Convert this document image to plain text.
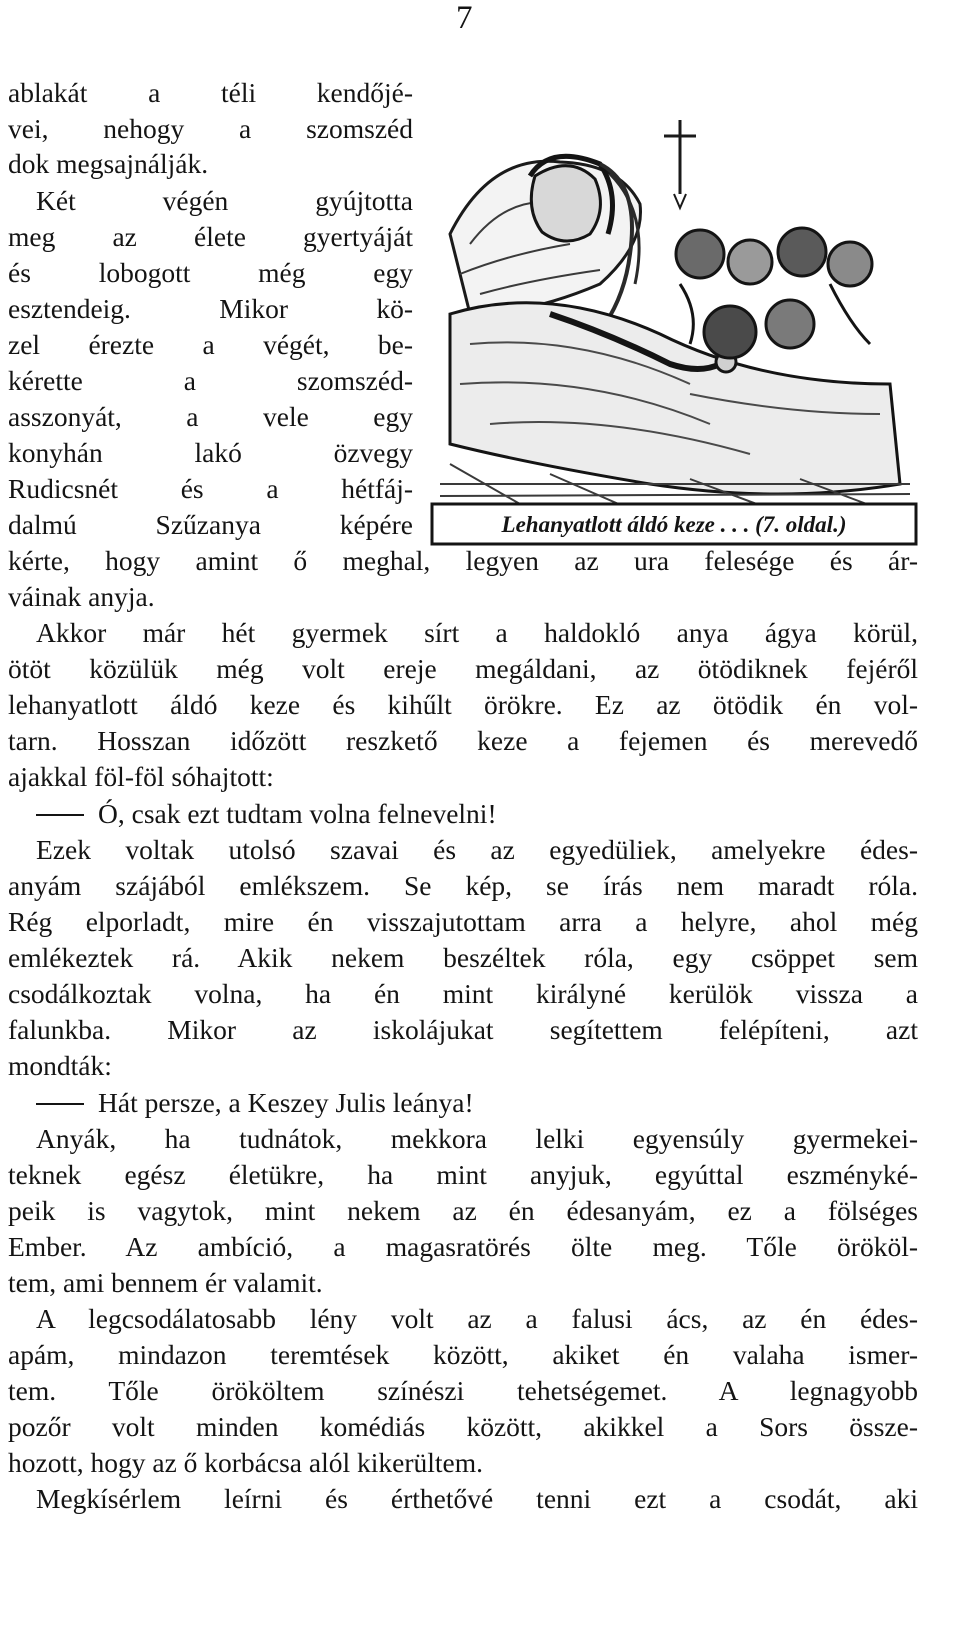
7
Lehanyatlott áldó keze . . . (7. oldal.)
ablakát a téli kendőjé-
vei, nehogy a szomszéd
dok megsajnálják.
Két végén gyújtotta
meg az élete gyertyáját
és lobogott még egy
esztendeig. Mikor kö-
zel érezte a végét, be-
kérette a szomszéd-
asszonyát, a vele egy
konyhán lakó özvegy
Rudicsnét és a hétfáj-
dalmú Szűzanya képére
kérte, hogy amint ő meghal, legyen az ura felesége és ár-
váinak anyja.
Akkor már hét gyermek sírt a haldokló anya ágya körül,
ötöt közülük még volt ereje megáldani, az ötödiknek fejéről
lehanyatlott áldó keze és kihűlt örökre. Ez az ötödik én vol-
tarn. Hosszan időzött reszkető keze a fejemen és merevedő
ajakkal föl-föl sóhajtott:
Ó, csak ezt tudtam volna felnevelni!
Ezek voltak utolsó szavai és az egyedüliek, amelyekre édes-
anyám szájából emlékszem. Se kép, se írás nem maradt róla.
Rég elporladt, mire én visszajutottam arra a helyre, ahol még
emlékeztek rá. Akik nekem beszéltek róla, egy csöppet sem
csodálkoztak volna, ha én mint királyné kerülök vissza a
falunkba. Mikor az iskolájukat segítettem felépíteni, azt
mondták:
Hát persze, a Keszey Julis leánya!
Anyák, ha tudnátok, mekkora lelki egyensúly gyermekei-
teknek egész életükre, ha mint anyjuk, egyúttal eszményké-
peik is vagytok, mint nekem az én édesanyám, ez a fölséges
Ember. Az ambíció, a magasratörés ölte meg. Tőle örököl-
tem, ami bennem ér valamit.
A legcsodálatosabb lény volt az a falusi ács, az én édes-
apám, mindazon teremtések között, akiket én valaha ismer-
tem. Tőle örököltem színészi tehetségemet. A legnagyobb
pozőr volt minden komédiás között, akikkel a Sors össze-
hozott, hogy az ő korbácsa alól kikerültem.
Megkísérlem leírni és érthetővé tenni ezt a csodát, aki
